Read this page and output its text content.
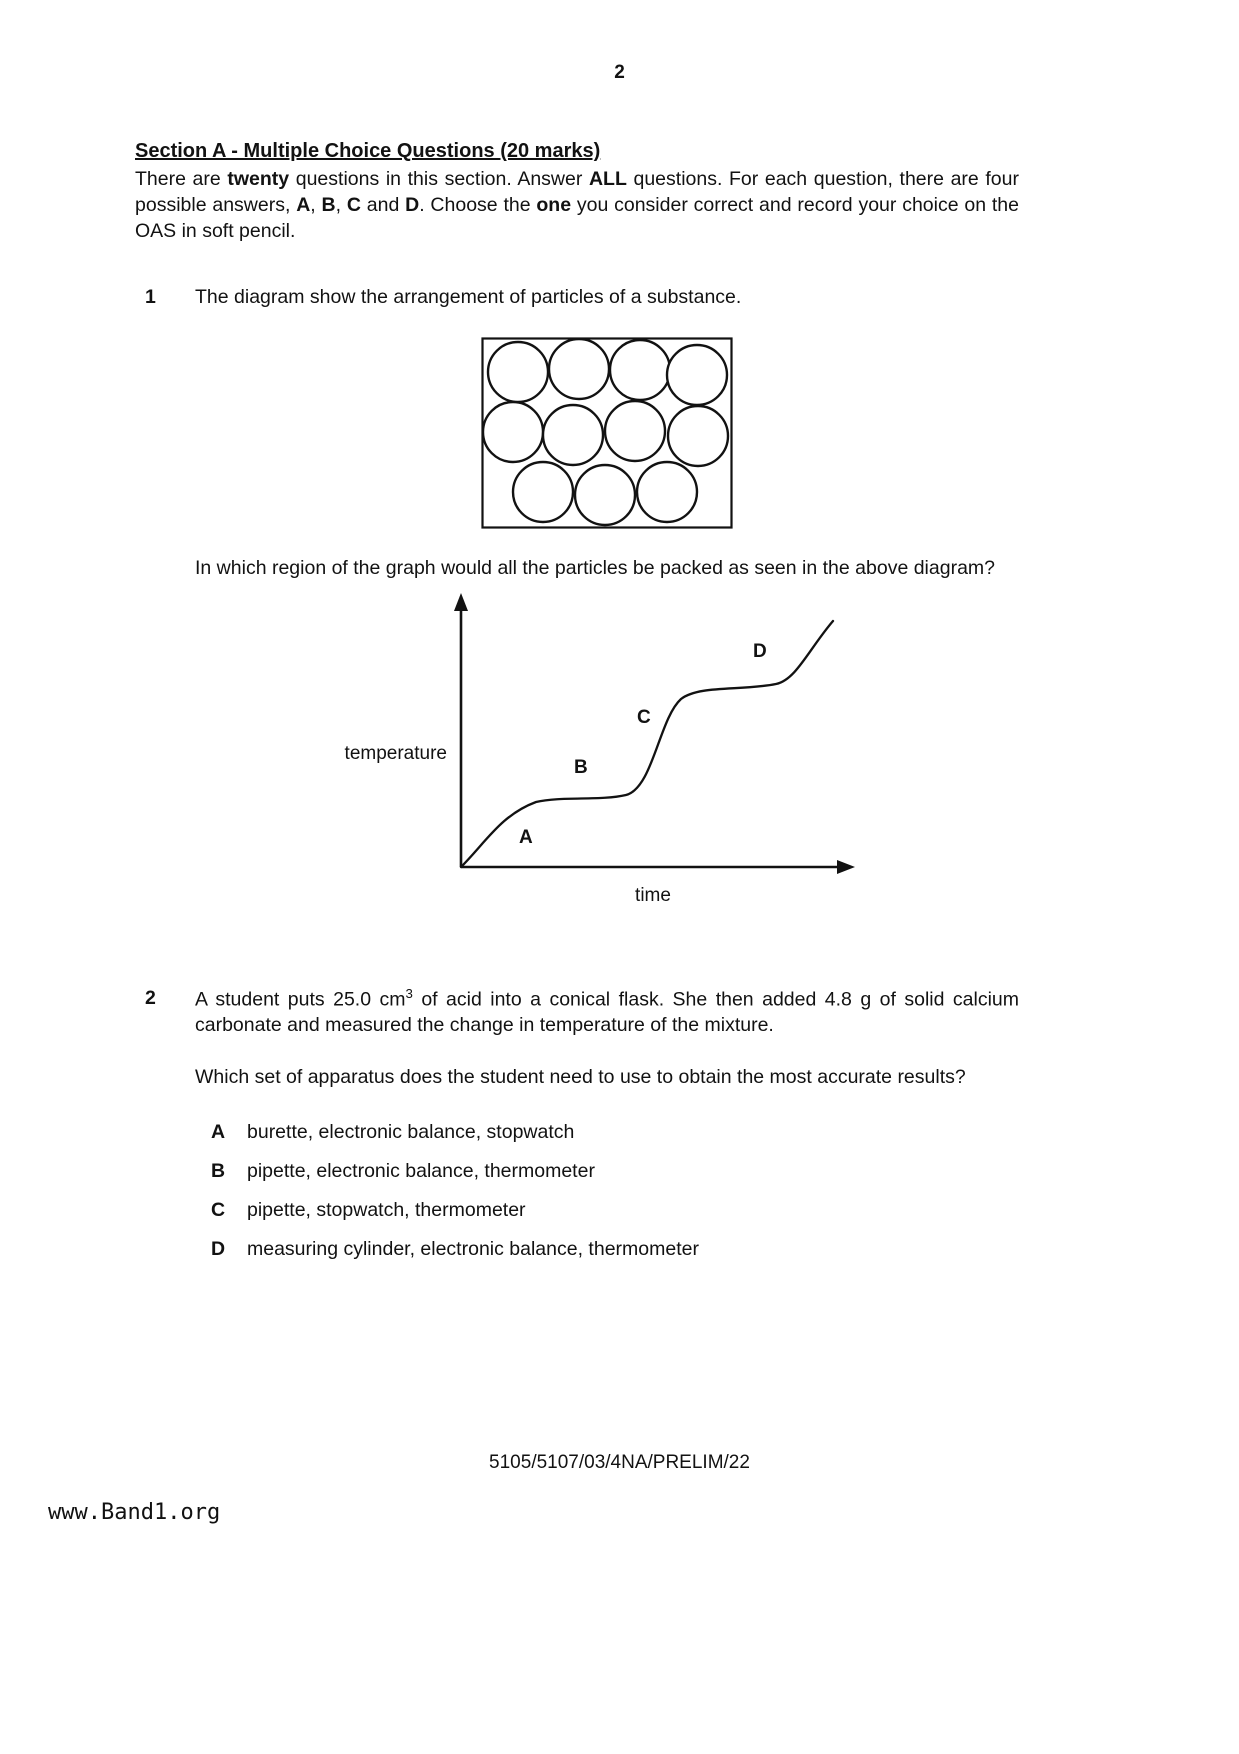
2
Section A - Multiple Choice Questions (20 marks)

There are twenty questions in this section. Answer ALL questions. For each question, there are four possible answers, A, B, C and D. Choose the one you consider correct and record your choice on the OAS in soft pencil.

1	The diagram show the arrangement of particles of a substance.

In which region of the graph would all the particles be packed as seen in the above diagram?

A
B
C
D
temperature
time
2	A student puts 25.0 $cm^3$ of acid into a conical flask. She then added 4.8 g of solid calcium carbonate and measured the change in temperature of the mixture.

Which set of apparatus does the student need to use to obtain the most accurate results?

A	burette, electronic balance, stopwatch
B	pipette, electronic balance, thermometer
C	pipette, stopwatch, thermometer
D	measuring cylinder, electronic balance, thermometer
5105/5107/03/4NA/PRELIM/22
www.Band1.org
